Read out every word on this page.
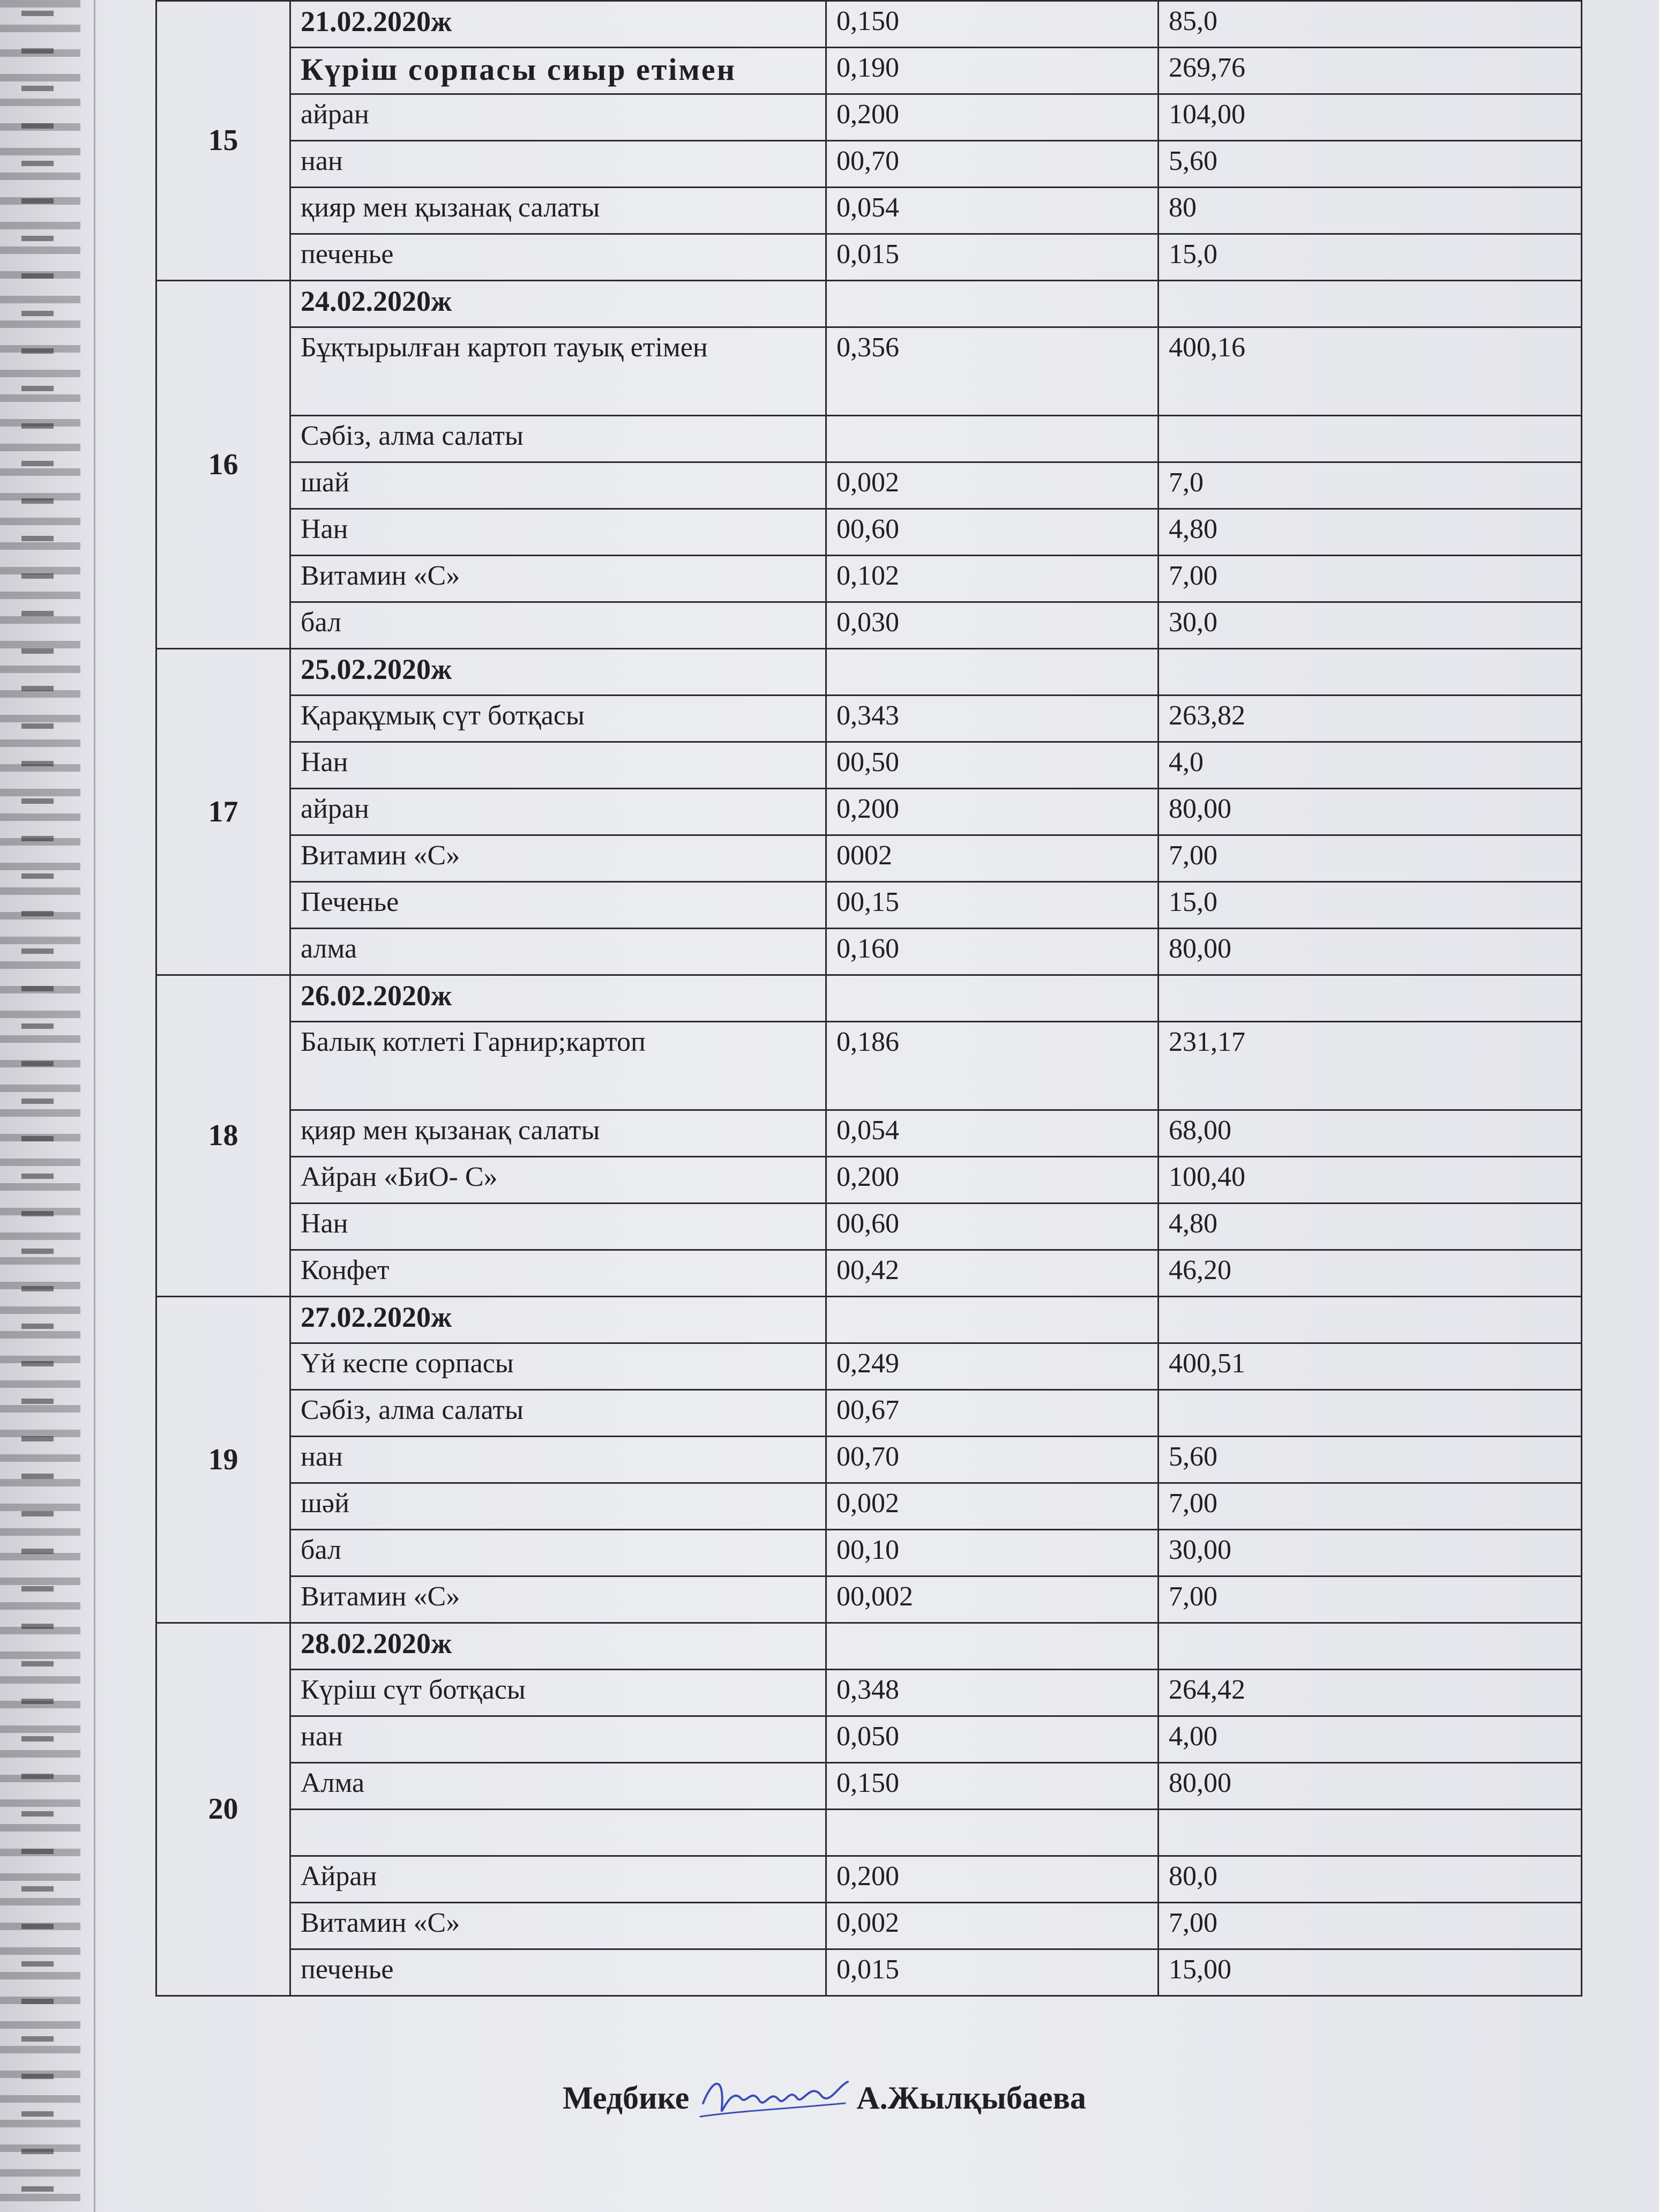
15	21.02.2020ж	0,150	85,0
	Күріш сорпасы сиыр етімен	0,190	269,76
	айран	0,200	104,00
	нан	00,70	5,60
	қияр мен қызанақ салаты	0,054	80
	печенье	0,015	15,0
16	24.02.2020ж		
	Бұқтырылған картоп тауық етімен	0,356	400,16
	Сәбіз, алма салаты		
	шай	0,002	7,0
	Нан	00,60	4,80
	Витамин «С»	0,102	7,00
	бал	0,030	30,0
17	25.02.2020ж		
	Қарақұмық сүт ботқасы	0,343	263,82
	Нан	00,50	4,0
	айран	0,200	80,00
	Витамин «С»	0002	7,00
	Печенье	00,15	15,0
	алма	0,160	80,00
18	26.02.2020ж		
	Балық котлеті Гарнир;картоп	0,186	231,17
	қияр мен қызанақ салаты	0,054	68,00
	Айран «БиО- С»	0,200	100,40
	Нан	00,60	4,80
	Конфет	00,42	46,20
19	27.02.2020ж		
	Үй кеспе сорпасы	0,249	400,51
	Сәбіз, алма салаты	00,67	
	нан	00,70	5,60
	шәй	0,002	7,00
	бал	00,10	30,00
	Витамин «С»	00,002	7,00
20	28.02.2020ж		
	Күріш сүт ботқасы	0,348	264,42
	нан	0,050	4,00
	Алма	0,150	80,00

	Айран	0,200	80,0
	Витамин «С»	0,002	7,00
	печенье	0,015	15,00
Медбике	А.Жылқыбаева
